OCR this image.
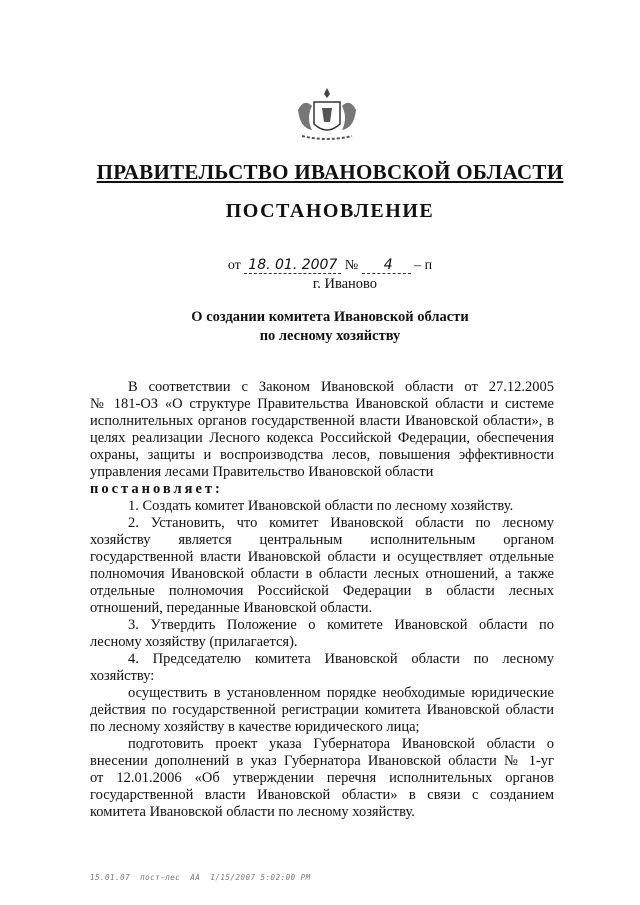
ПРАВИТЕЛЬСТВО ИВАНОВСКОЙ ОБЛАСТИ
ПОСТАНОВЛЕНИЕ
от 18. 01. 2007 № 4 – п
г. Иваново
О создании комитета Ивановской области
по лесному хозяйству
В соответствии с Законом Ивановской области от 27.12.2005
№ 181-ОЗ «О структуре Правительства Ивановской области и системе
исполнительных органов государственной власти Ивановской области», в
целях реализации Лесного кодекса Российской Федерации, обеспечения
охраны, защиты и воспроизводства лесов, повышения эффективности
управления лесами Правительство Ивановской области
постановляет:
1. Создать комитет Ивановской области по лесному хозяйству.
2. Установить, что комитет Ивановской области по лесному
хозяйству является центральным исполнительным органом
государственной власти Ивановской области и осуществляет отдельные
полномочия Ивановской области в области лесных отношений, а также
отдельные полномочия Российской Федерации в области лесных
отношений, переданные Ивановской области.
3. Утвердить Положение о комитете Ивановской области по
лесному хозяйству (прилагается).
4. Председателю комитета Ивановской области по лесному
хозяйству:
осуществить в установленном порядке необходимые юридические
действия по государственной регистрации комитета Ивановской области
по лесному хозяйству в качестве юридического лица;
подготовить проект указа Губернатора Ивановской области о
внесении дополнений в указ Губернатора Ивановской области № 1-уг
от 12.01.2006 «Об утверждении перечня исполнительных органов
государственной власти Ивановской области» в связи с созданием
комитета Ивановской области по лесному хозяйству.
15.01.07  пост-лес  АА  1/15/2007 5:02:00 PM
